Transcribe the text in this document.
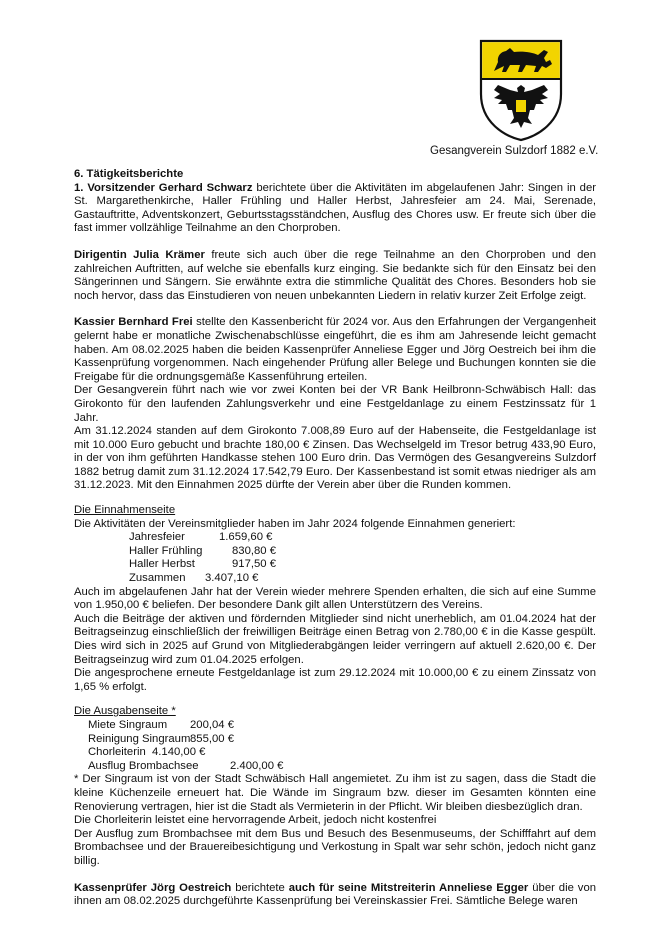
Gesangverein Sulzdorf 1882 e.V.

6. Tätigkeitsberichte

1. Vorsitzender Gerhard Schwarz berichtete über die Aktivitäten im abgelaufenen Jahr: Singen in der St. Margarethenkirche, Haller Frühling und Haller Herbst, Jahresfeier am 24. Mai, Serenade, Gastauftritte, Adventskonzert, Geburtsstagsständchen, Ausflug des Chores usw. Er freute sich über die fast immer vollzählige Teilnahme an den Chorproben.

Dirigentin Julia Krämer freute sich auch über die rege Teilnahme an den Chorproben und den zahlreichen Auftritten, auf welche sie ebenfalls kurz einging. Sie bedankte sich für den Einsatz bei den Sängerinnen und Sängern. Sie erwähnte extra die stimmliche Qualität des Chores. Besonders hob sie noch hervor, dass das Einstudieren von neuen unbekannten Liedern in relativ kurzer Zeit Erfolge zeigt.

Kassier Bernhard Frei stellte den Kassenbericht für 2024 vor. Aus den Erfahrungen der Vergangenheit gelernt habe er monatliche Zwischenabschlüsse eingeführt, die es ihm am Jahresende leicht gemacht haben. Am 08.02.2025 haben die beiden Kassenprüfer Anneliese Egger und Jörg Oestreich bei ihm die Kassenprüfung vorgenommen. Nach eingehender Prüfung aller Belege und Buchungen konnten sie die Freigabe für die ordnungsgemäße Kassenführung erteilen.

Der Gesangverein führt nach wie vor zwei Konten bei der VR Bank Heilbronn-Schwäbisch Hall: das Girokonto für den laufenden Zahlungsverkehr und eine Festgeldanlage zu einem Festzinssatz für 1 Jahr.

Am 31.12.2024 standen auf dem Girokonto 7.008,89 Euro auf der Habenseite, die Festgeldanlage ist mit 10.000 Euro gebucht und brachte 180,00 € Zinsen. Das Wechselgeld im Tresor betrug 433,90 Euro, in der von ihm geführten Handkasse stehen 100 Euro drin. Das Vermögen des Gesangvereins Sulzdorf 1882 betrug damit zum 31.12.2024 17.542,79 Euro. Der Kassenbestand ist somit etwas niedriger als am 31.12.2023. Mit den Einnahmen 2025 dürfte der Verein aber über die Runden kommen.

Die Einnahmenseite

Die Aktivitäten der Vereinsmitglieder haben im Jahr 2024 folgende Einnahmen generiert:

Jahresfeier	1.659,60 €
Haller Frühling	830,80 €
Haller Herbst	917,50 €
Zusammen 3.407,10 €

Auch im abgelaufenen Jahr hat der Verein wieder mehrere Spenden erhalten, die sich auf eine Summe von 1.950,00 € beliefen. Der besondere Dank gilt allen Unterstützern des Vereins.

Auch die Beiträge der aktiven und fördernden Mitglieder sind nicht unerheblich, am 01.04.2024 hat der Beitragseinzug einschließlich der freiwilligen Beiträge einen Betrag von 2.780,00 € in die Kasse gespült. Dies wird sich in 2025 auf Grund von Mitgliederabgängen leider verringern auf aktuell 2.620,00 €. Der Beitragseinzug wird zum 01.04.2025 erfolgen.

Die angesprochene erneute Festgeldanlage ist zum 29.12.2024 mit 10.000,00 € zu einem Zinssatz von 1,65 % erfolgt.

Die Ausgabenseite *

Miete Singraum 200,04 €
Reinigung Singraum 855,00 €
Chorleiterin 4.140,00 €
Ausflug Brombachsee	2.400,00 €

* Der Singraum ist von der Stadt Schwäbisch Hall angemietet. Zu ihm ist zu sagen, dass die Stadt die kleine Küchenzeile erneuert hat. Die Wände im Singraum bzw. dieser im Gesamten könnten eine Renovierung vertragen, hier ist die Stadt als Vermieterin in der Pflicht. Wir bleiben diesbezüglich dran.

Die Chorleiterin leistet eine hervorragende Arbeit, jedoch nicht kostenfrei

Der Ausflug zum Brombachsee mit dem Bus und Besuch des Besenmuseums, der Schifffahrt auf dem Brombachsee und der Brauereibesichtigung und Verkostung in Spalt war sehr schön, jedoch nicht ganz billig.

Kassenprüfer Jörg Oestreich berichtete auch für seine Mitstreiterin Anneliese Egger über die von ihnen am 08.02.2025 durchgeführte Kassenprüfung bei Vereinskassier Frei. Sämtliche Belege waren
